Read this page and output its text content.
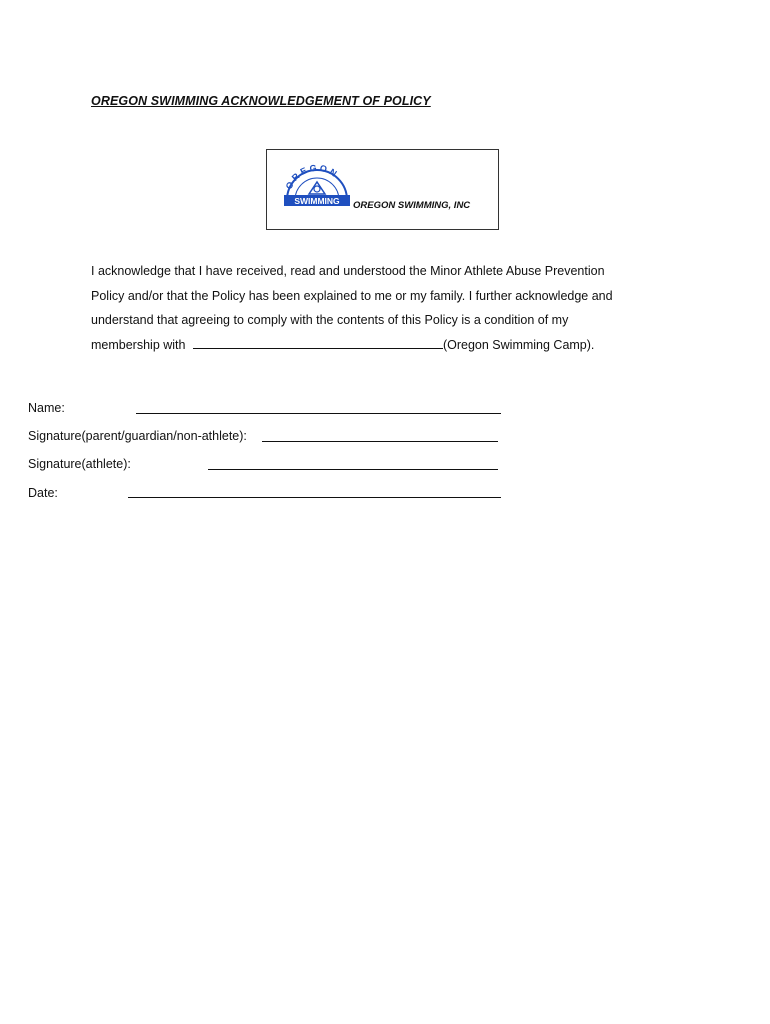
OREGON SWIMMING ACKNOWLEDGEMENT OF POLICY
OREGON
SWIMMING OREGON SWIMMING, INC
I acknowledge that I have received, read and understood the Minor Athlete Abuse Prevention
Policy and/or that the Policy has been explained to me or my family. I further acknowledge and
understand that agreeing to comply with the contents of this Policy is a condition of my
membership with	(Oregon Swimming Camp).
Name:
Signature(parent/guardian/non-athlete):
Signature(athlete):
Date:
